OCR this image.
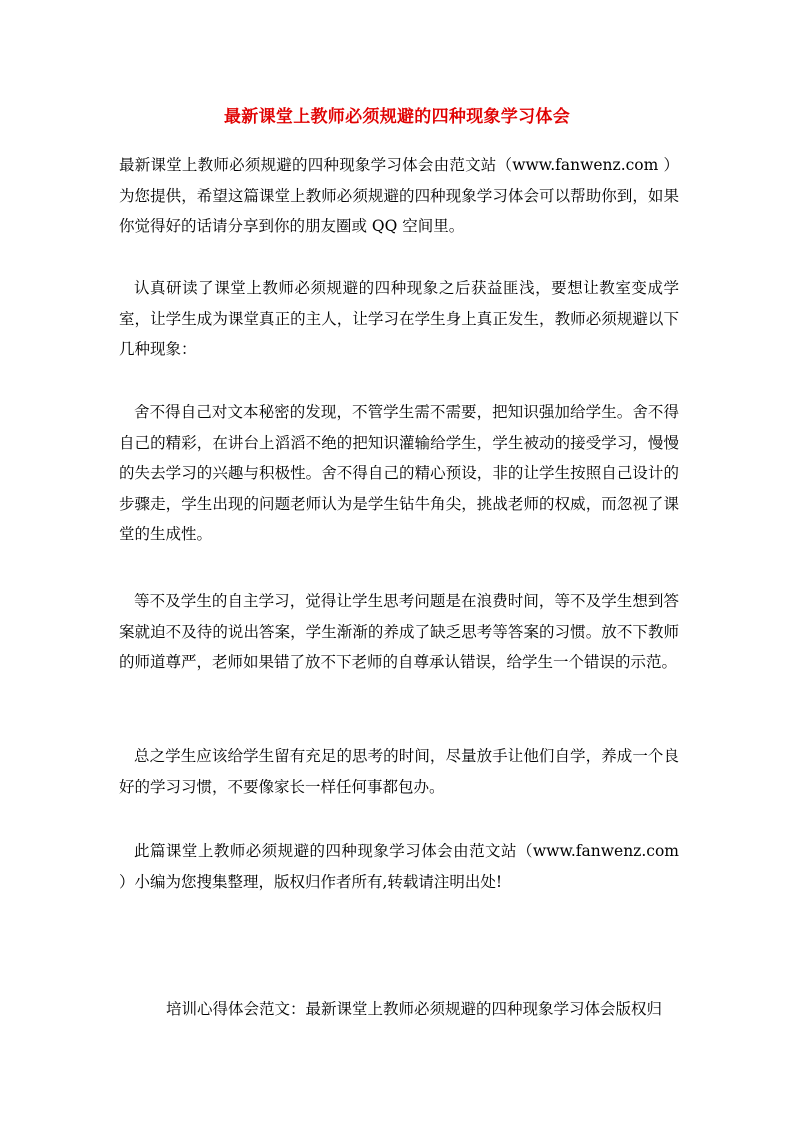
最新课堂上教师必须规避的四种现象学习体会

最新课堂上教师必须规避的四种现象学习体会由范文站（www.fanwenz.com ）为您提供，希望这篇课堂上教师必须规避的四种现象学习体会可以帮助你到，如果你觉得好的话请分享到你的朋友圈或 QQ 空间里。

认真研读了课堂上教师必须规避的四种现象之后获益匪浅，要想让教室变成学室，让学生成为课堂真正的主人，让学习在学生身上真正发生，教师必须规避以下几种现象：

舍不得自己对文本秘密的发现，不管学生需不需要，把知识强加给学生。舍不得自己的精彩，在讲台上滔滔不绝的把知识灌输给学生，学生被动的接受学习，慢慢的失去学习的兴趣与积极性。舍不得自己的精心预设，非的让学生按照自己设计的步骤走，学生出现的问题老师认为是学生钻牛角尖，挑战老师的权威，而忽视了课堂的生成性。

等不及学生的自主学习，觉得让学生思考问题是在浪费时间，等不及学生想到答案就迫不及待的说出答案，学生渐渐的养成了缺乏思考等答案的习惯。放不下教师的师道尊严，老师如果错了放不下老师的自尊承认错误，给学生一个错误的示范。

总之学生应该给学生留有充足的思考的时间，尽量放手让他们自学，养成一个良好的学习习惯，不要像家长一样任何事都包办。

此篇课堂上教师必须规避的四种现象学习体会由范文站（www.fanwenz.com ）小编为您搜集整理，版权归作者所有,转载请注明出处!

培训心得体会范文：最新课堂上教师必须规避的四种现象学习体会版权归
